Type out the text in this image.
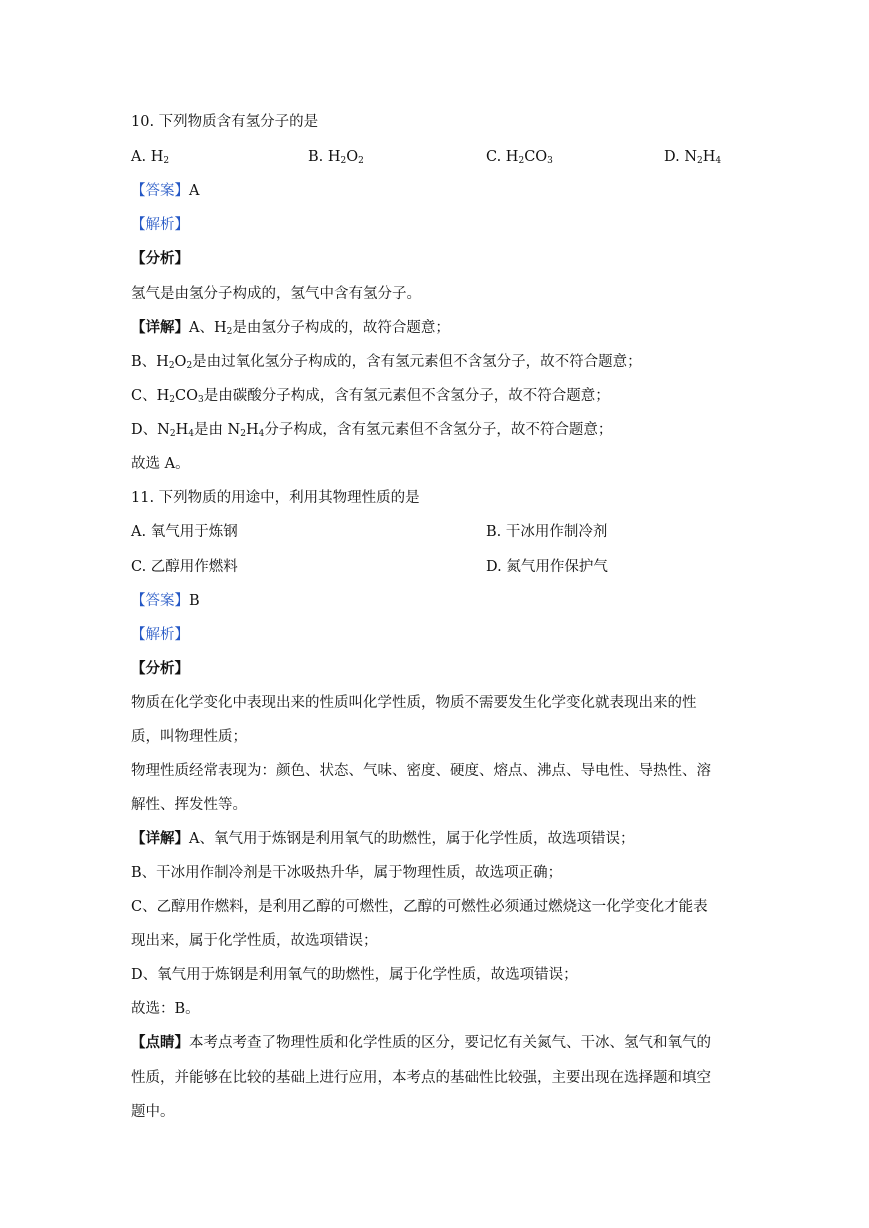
10. 下列物质含有氢分子的是
A. $H_2$	B. $H_2O_2$	C. $H_2CO_3$	D. $N_2H_4$
【答案】A
【解析】
【分析】
氢气是由氢分子构成的，氢气中含有氢分子。
【详解】A、$H_2$是由氢分子构成的，故符合题意；
B、$H_2O_2$是由过氧化氢分子构成的，含有氢元素但不含氢分子，故不符合题意；
C、$H_2CO_3$是由碳酸分子构成，含有氢元素但不含氢分子，故不符合题意；
D、$N_2H_4$是由 $N_2H_4$分子构成，含有氢元素但不含氢分子，故不符合题意；
故选 A。
11. 下列物质的用途中，利用其物理性质的是
A. 氧气用于炼钢	B. 干冰用作制冷剂
C. 乙醇用作燃料	D. 氮气用作保护气
【答案】B
【解析】
【分析】
物质在化学变化中表现出来的性质叫化学性质，物质不需要发生化学变化就表现出来的性
质，叫物理性质；
物理性质经常表现为：颜色、状态、气味、密度、硬度、熔点、沸点、导电性、导热性、溶
解性、挥发性等。
【详解】A、氧气用于炼钢是利用氧气的助燃性，属于化学性质，故选项错误；
B、干冰用作制冷剂是干冰吸热升华，属于物理性质，故选项正确；
C、乙醇用作燃料，是利用乙醇的可燃性，乙醇的可燃性必须通过燃烧这一化学变化才能表
现出来，属于化学性质，故选项错误；
D、氧气用于炼钢是利用氧气的助燃性，属于化学性质，故选项错误；
故选：B。
【点睛】本考点考查了物理性质和化学性质的区分，要记忆有关氮气、干冰、氢气和氧气的
性质，并能够在比较的基础上进行应用，本考点的基础性比较强，主要出现在选择题和填空
题中。
